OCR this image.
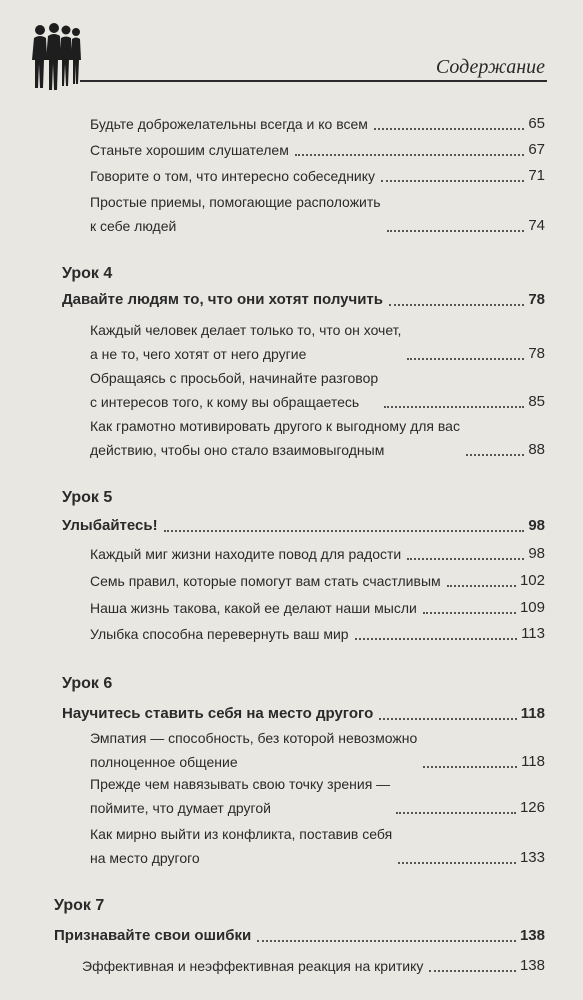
Содержание
Будьте доброжелательны всегда и ко всем	65
Станьте хорошим слушателем	67
Говорите о том, что интересно собеседнику	71
Простые приемы, помогающие расположить
к себе людей	74
Урок 4
Давайте людям то, что они хотят получить	78
Каждый человек делает только то, что он хочет,
а не то, чего хотят от него другие	78
Обращаясь с просьбой, начинайте разговор
с интересов того, к кому вы обращаетесь	85
Как грамотно мотивировать другого к выгодному для вас
действию, чтобы оно стало взаимовыгодным	88
Урок 5
Улыбайтесь!	98
Каждый миг жизни находите повод для радости	98
Семь правил, которые помогут вам стать счастливым	102
Наша жизнь такова, какой ее делают наши мысли	109
Улыбка способна перевернуть ваш мир	113
Урок 6
Научитесь ставить себя на место другого	118
Эмпатия — способность, без которой невозможно
полноценное общение	118
Прежде чем навязывать свою точку зрения —
поймите, что думает другой	126
Как мирно выйти из конфликта, поставив себя
на место другого	133
Урок 7
Признавайте свои ошибки	138
Эффективная и неэффективная реакция на критику	138
